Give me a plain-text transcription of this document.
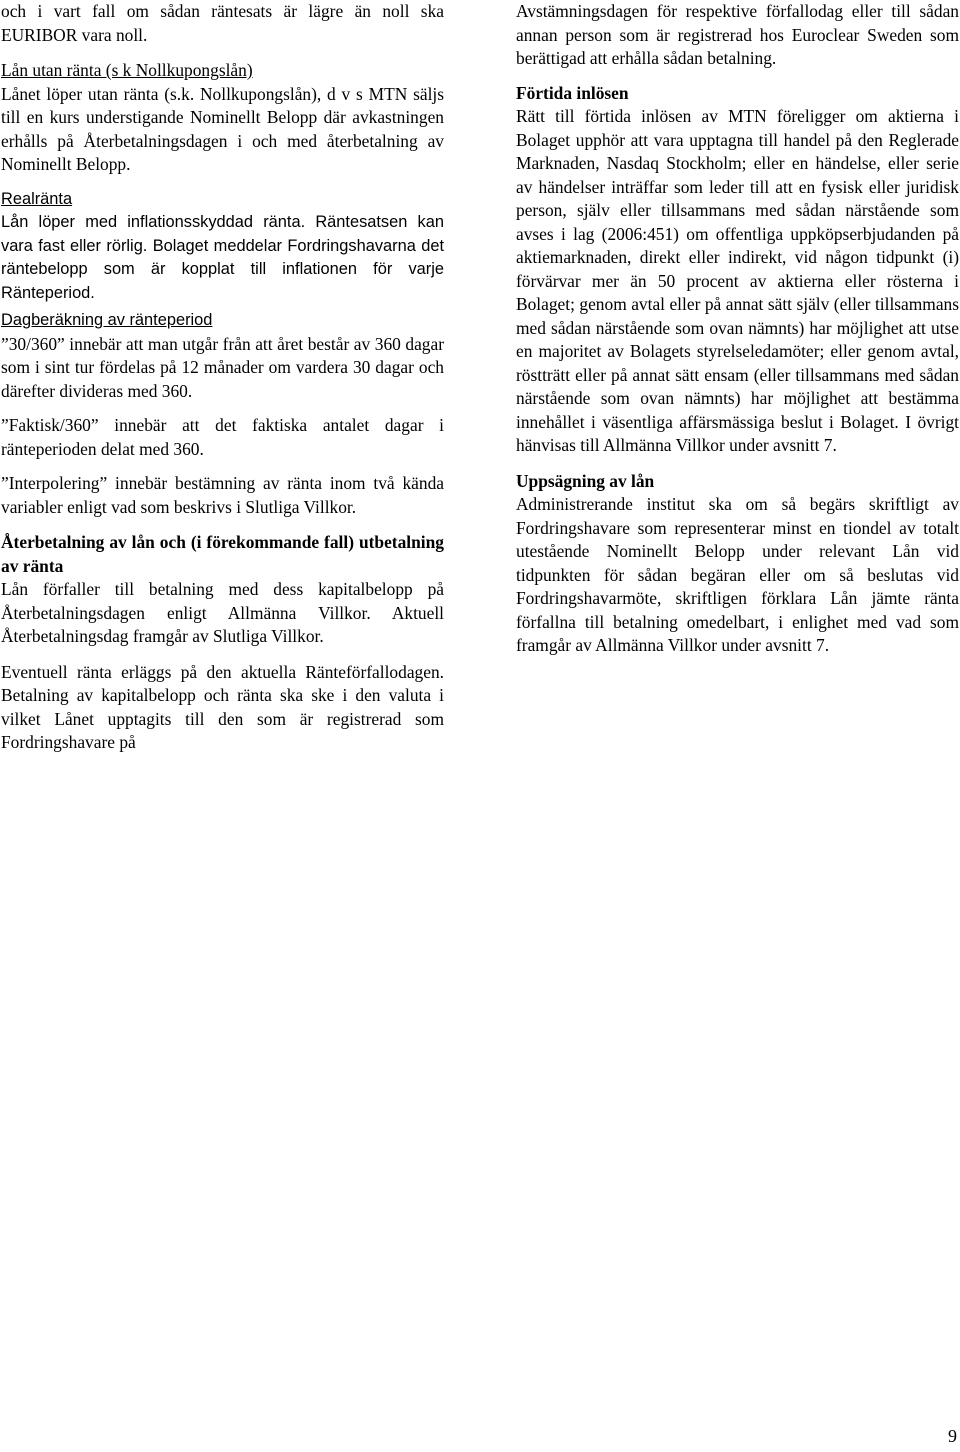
och i vart fall om sådan räntesats är lägre än noll ska EURIBOR vara noll.

Lån utan ränta (s k Nollkupongslån)
Lånet löper utan ränta (s.k. Nollkupongslån), d v s MTN säljs till en kurs understigande Nominellt Belopp där avkastningen erhålls på Återbetalningsdagen i och med återbetalning av Nominellt Belopp.

Realränta
Lån löper med inflationsskyddad ränta. Räntesatsen kan vara fast eller rörlig. Bolaget meddelar Fordringshavarna det räntebelopp som är kopplat till inflationen för varje Ränteperiod.

Dagberäkning av ränteperiod

”30/360” innebär att man utgår från att året består av 360 dagar som i sint tur fördelas på 12 månader om vardera 30 dagar och därefter divideras med 360.

”Faktisk/360” innebär att det faktiska antalet dagar i ränteperioden delat med 360.

”Interpolering” innebär bestämning av ränta inom två kända variabler enligt vad som beskrivs i Slutliga Villkor.

Återbetalning av lån och (i förekommande fall) utbetalning av ränta
Lån förfaller till betalning med dess kapitalbelopp på Återbetalningsdagen enligt Allmänna Villkor. Aktuell Återbetalningsdag framgår av Slutliga Villkor.

Eventuell ränta erläggs på den aktuella Ränteförfallodagen. Betalning av kapitalbelopp och ränta ska ske i den valuta i vilket Lånet upptagits till den som är registrerad som Fordringshavare på

Avstämningsdagen för respektive förfallodag eller till sådan annan person som är registrerad hos Euroclear Sweden som berättigad att erhålla sådan betalning.

Förtida inlösen
Rätt till förtida inlösen av MTN föreligger om aktierna i Bolaget upphör att vara upptagna till handel på den Reglerade Marknaden, Nasdaq Stockholm; eller en händelse, eller serie av händelser inträffar som leder till att en fysisk eller juridisk person, själv eller tillsammans med sådan närstående som avses i lag (2006:451) om offentliga uppköpserbjudanden på aktiemarknaden, direkt eller indirekt, vid någon tidpunkt (i) förvärvar mer än 50 procent av aktierna eller rösterna i Bolaget; genom avtal eller på annat sätt själv (eller tillsammans med sådan närstående som ovan nämnts) har möjlighet att utse en majoritet av Bolagets styrelseledamöter; eller genom avtal, röstträtt eller på annat sätt ensam (eller tillsammans med sådan närstående som ovan nämnts) har möjlighet att bestämma innehållet i väsentliga affärsmässiga beslut i Bolaget. I övrigt hänvisas till Allmänna Villkor under avsnitt 7.

Uppsägning av lån
Administrerande institut ska om så begärs skriftligt av Fordringshavare som representerar minst en tiondel av totalt utestående Nominellt Belopp under relevant Lån vid tidpunkten för sådan begäran eller om så beslutas vid Fordringshavarmöte, skriftligen förklara Lån jämte ränta förfallna till betalning omedelbart, i enlighet med vad som framgår av Allmänna Villkor under avsnitt 7.

9
